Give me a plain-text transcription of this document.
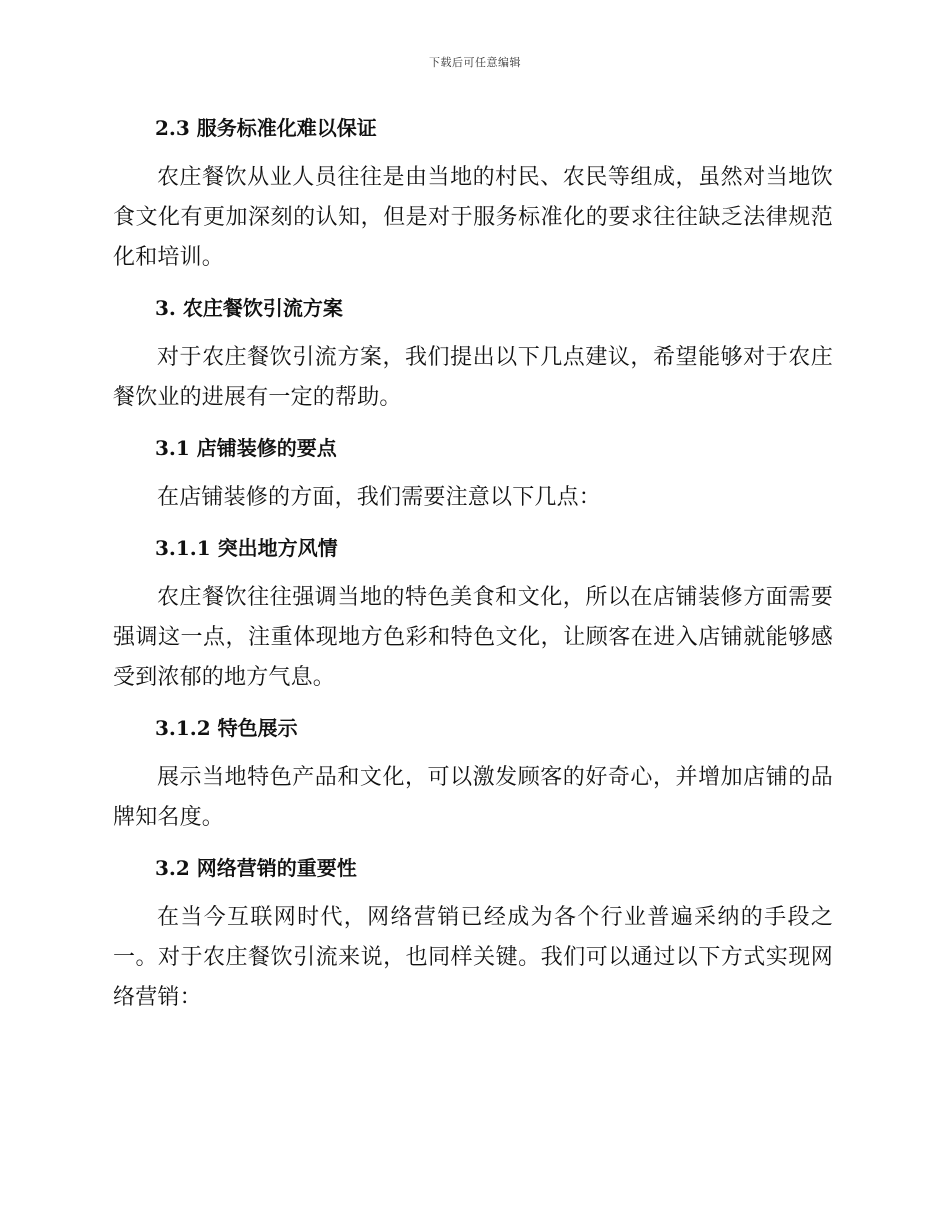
下载后可任意编辑
2.3 服务标准化难以保证

农庄餐饮从业人员往往是由当地的村民、农民等组成，虽然对当地饮食文化有更加深刻的认知，但是对于服务标准化的要求往往缺乏法律规范化和培训。

3. 农庄餐饮引流方案

对于农庄餐饮引流方案，我们提出以下几点建议，希望能够对于农庄餐饮业的进展有一定的帮助。

3.1 店铺装修的要点

在店铺装修的方面，我们需要注意以下几点：

3.1.1 突出地方风情

农庄餐饮往往强调当地的特色美食和文化，所以在店铺装修方面需要强调这一点，注重体现地方色彩和特色文化，让顾客在进入店铺就能够感受到浓郁的地方气息。

3.1.2 特色展示

展示当地特色产品和文化，可以激发顾客的好奇心，并增加店铺的品牌知名度。

3.2 网络营销的重要性

在当今互联网时代，网络营销已经成为各个行业普遍采纳的手段之一。对于农庄餐饮引流来说，也同样关键。我们可以通过以下方式实现网络营销：
